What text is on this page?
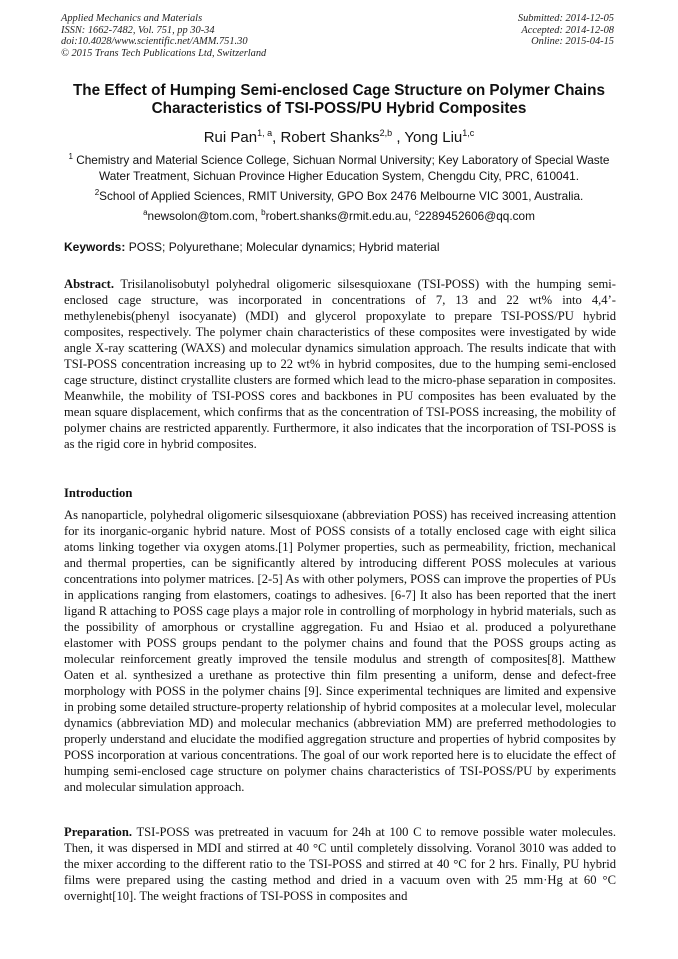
Applied Mechanics and Materials
ISSN: 1662-7482, Vol. 751, pp 30-34
doi:10.4028/www.scientific.net/AMM.751.30
© 2015 Trans Tech Publications Ltd, Switzerland
Submitted: 2014-12-05
Accepted: 2014-12-08
Online: 2015-04-15
The Effect of Humping Semi-enclosed Cage Structure on Polymer Chains Characteristics of TSI-POSS/PU Hybrid Composites
Rui Pan$^{1, a}$, Robert Shanks$^{2,b}$ , Yong Liu$^{1,c}$
$^1$ Chemistry and Material Science College, Sichuan Normal University; Key Laboratory of Special Waste Water Treatment, Sichuan Province Higher Education System, Chengdu City, PRC, 610041.
$^2$School of Applied Sciences, RMIT University, GPO Box 2476 Melbourne VIC 3001, Australia.
$^a$newsolon@tom.com, $^b$robert.shanks@rmit.edu.au, $^c$2289452606@qq.com
Keywords: POSS; Polyurethane; Molecular dynamics; Hybrid material
Abstract. Trisilanolisobutyl polyhedral oligomeric silsesquioxane (TSI-POSS) with the humping semi-enclosed cage structure, was incorporated in concentrations of 7, 13 and 22 wt% into 4,4’-methylenebis(phenyl isocyanate) (MDI) and glycerol propoxylate to prepare TSI-POSS/PU hybrid composites, respectively. The polymer chain characteristics of these composites were investigated by wide angle X-ray scattering (WAXS) and molecular dynamics simulation approach. The results indicate that with TSI-POSS concentration increasing up to 22 wt% in hybrid composites, due to the humping semi-enclosed cage structure, distinct crystallite clusters are formed which lead to the micro-phase separation in composites. Meanwhile, the mobility of TSI-POSS cores and backbones in PU composites has been evaluated by the mean square displacement, which confirms that as the concentration of TSI-POSS increasing, the mobility of polymer chains are restricted apparently. Furthermore, it also indicates that the incorporation of TSI-POSS is as the rigid core in hybrid composites.
Introduction
As nanoparticle, polyhedral oligomeric silsesquioxane (abbreviation POSS) has received increasing attention for its inorganic-organic hybrid nature. Most of POSS consists of a totally enclosed cage with eight silica atoms linking together via oxygen atoms.[1] Polymer properties, such as permeability, friction, mechanical and thermal properties, can be significantly altered by introducing different POSS molecules at various concentrations into polymer matrices. [2-5] As with other polymers, POSS can improve the properties of PUs in applications ranging from elastomers, coatings to adhesives. [6-7] It also has been reported that the inert ligand R attaching to POSS cage plays a major role in controlling of morphology in hybrid materials, such as the possibility of amorphous or crystalline aggregation. Fu and Hsiao et al. produced a polyurethane elastomer with POSS groups pendant to the polymer chains and found that the POSS groups acting as molecular reinforcement greatly improved the tensile modulus and strength of composites[8]. Matthew Oaten et al. synthesized a urethane as protective thin film presenting a uniform, dense and defect-free morphology with POSS in the polymer chains [9]. Since experimental techniques are limited and expensive in probing some detailed structure-property relationship of hybrid composites at a molecular level, molecular dynamics (abbreviation MD) and molecular mechanics (abbreviation MM) are preferred methodologies to properly understand and elucidate the modified aggregation structure and properties of hybrid composites by POSS incorporation at various concentrations. The goal of our work reported here is to elucidate the effect of humping semi-enclosed cage structure on polymer chains characteristics of TSI-POSS/PU by experiments and molecular simulation approach.
Preparation. TSI-POSS was pretreated in vacuum for 24h at 100 C to remove possible water molecules. Then, it was dispersed in MDI and stirred at 40 °C until completely dissolving. Voranol 3010 was added to the mixer according to the different ratio to the TSI-POSS and stirred at 40 °C for 2 hrs. Finally, PU hybrid films were prepared using the casting method and dried in a vacuum oven with 25 mm·Hg at 60 °C overnight[10]. The weight fractions of TSI-POSS in composites and
